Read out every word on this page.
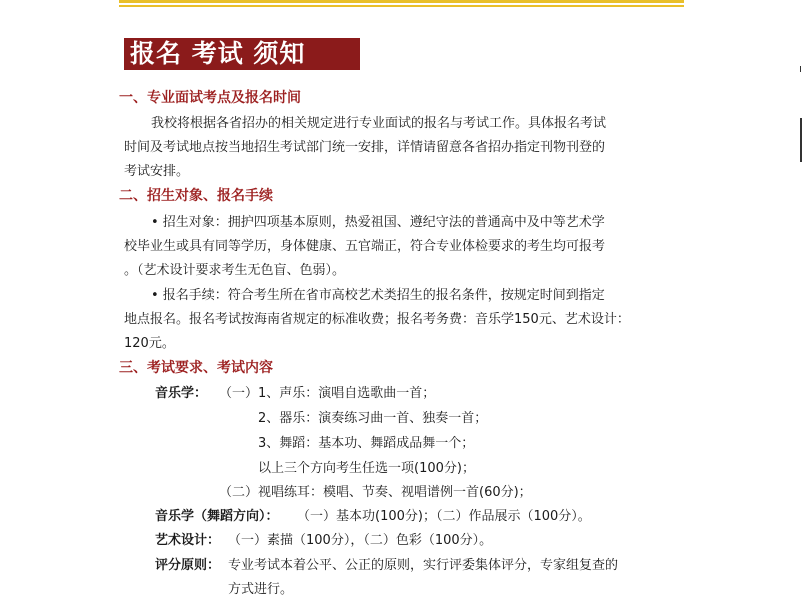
报名 考试 须知
一、专业面试考点及报名时间
我校将根据各省招办的相关规定进行专业面试的报名与考试工作。具体报名考试
时间及考试地点按当地招生考试部门统一安排，详情请留意各省招办指定刊物刊登的
考试安排。
二、招生对象、报名手续
• 招生对象：拥护四项基本原则，热爱祖国、遵纪守法的普通高中及中等艺术学
校毕业生或具有同等学历，身体健康、五官端正，符合专业体检要求的考生均可报考
。（艺术设计要求考生无色盲、色弱）。
• 报名手续：符合考生所在省市高校艺术类招生的报名条件，按规定时间到指定
地点报名。报名考试按海南省规定的标准收费；报名考务费：音乐学150元、艺术设计：
120元。
三、考试要求、考试内容
音乐学： （一）1、声乐：演唱自选歌曲一首；
2、器乐：演奏练习曲一首、独奏一首；
3、舞蹈：基本功、舞蹈成品舞一个；
以上三个方向考生任选一项(100分)；
（二）视唱练耳：模唱、节奏、视唱谱例一首(60分)；
音乐学（舞蹈方向）： （一）基本功(100分)；（二）作品展示（100分）。
艺术设计： （一）素描（100分），（二）色彩（100分）。
评分原则： 专业考试本着公平、公正的原则，实行评委集体评分，专家组复查的
方式进行。
